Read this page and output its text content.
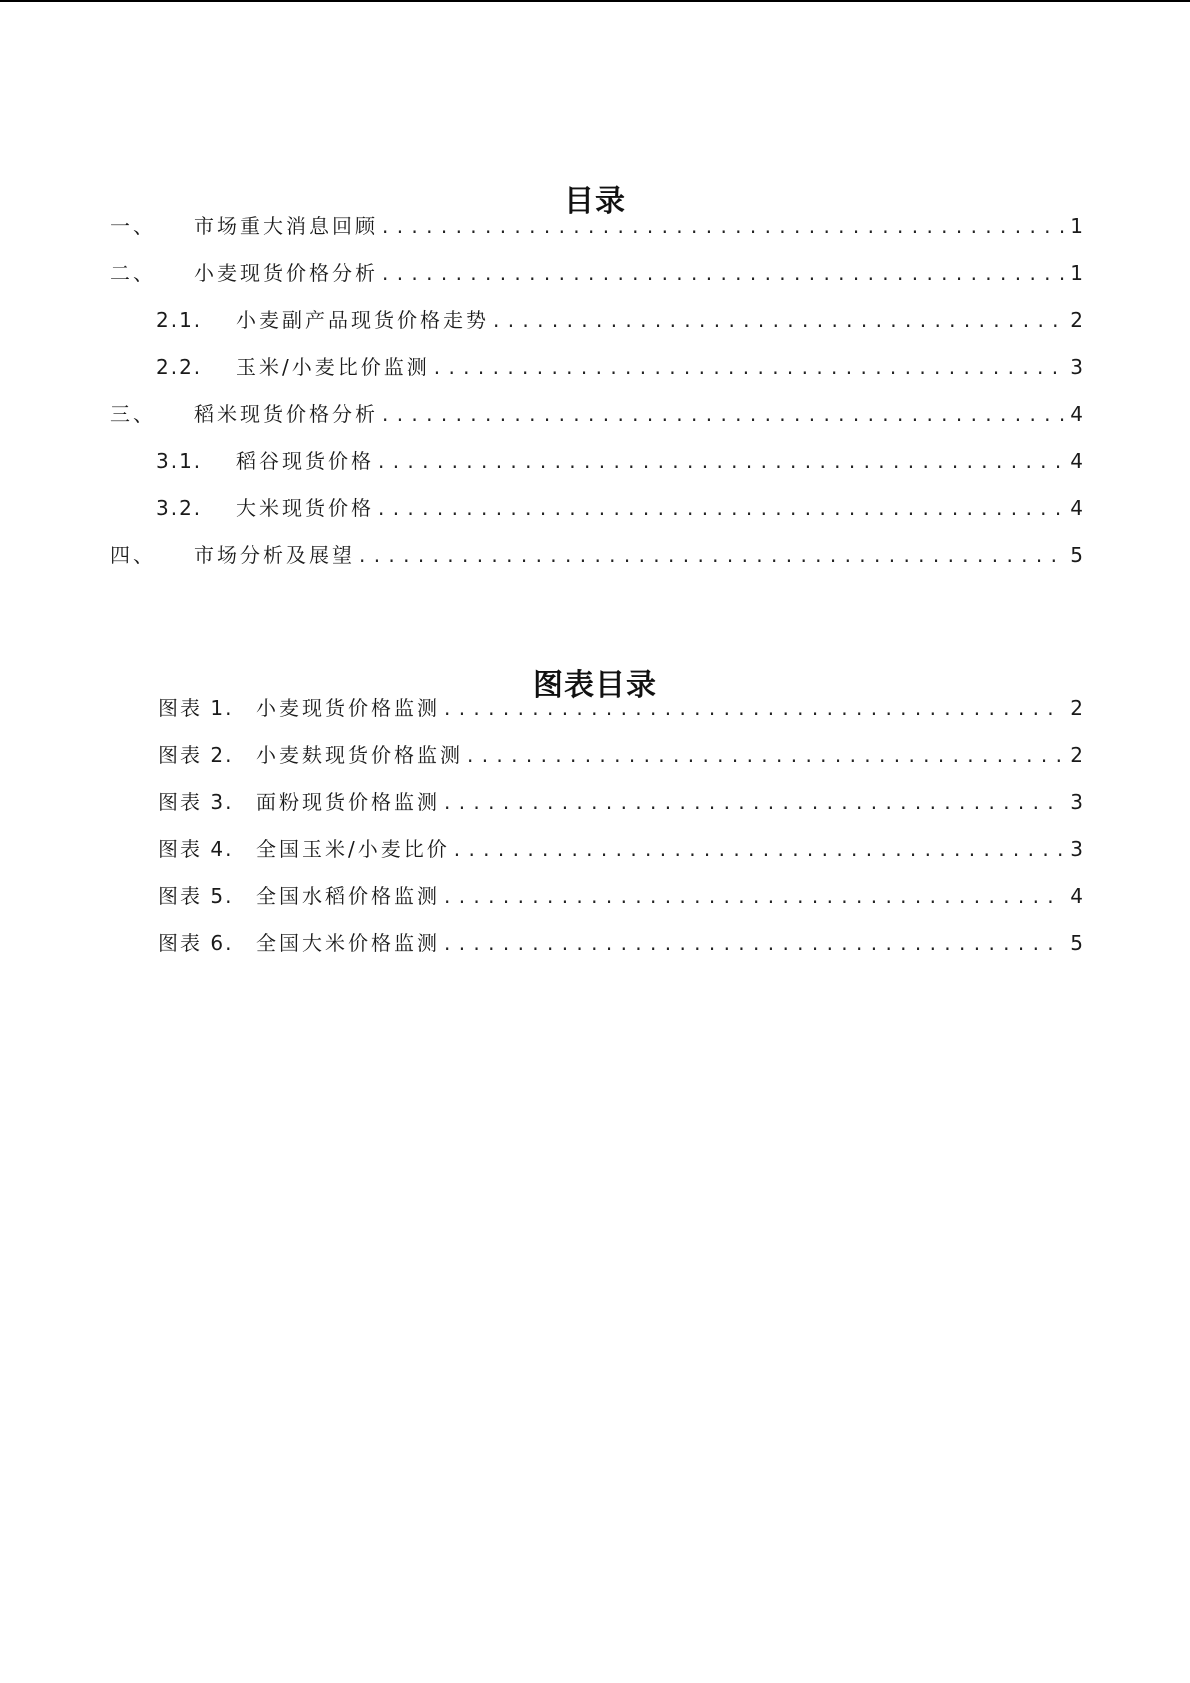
目录
一、	市场重大消息回顾 . . .	1
二、	小麦现货价格分析 . . .	1
2.1.	小麦副产品现货价格走势 . . .	2
2.2.	玉米/小麦比价监测 . . .	3
三、	稻米现货价格分析 . . .	4
3.1.	稻谷现货价格 . . .	4
3.2.	大米现货价格 . . .	4
四、	市场分析及展望 . . .	5
图表目录
图表 1.	小麦现货价格监测 . . .	2
图表 2.	小麦麸现货价格监测 . . .	2
图表 3.	面粉现货价格监测 . . .	3
图表 4.	全国玉米/小麦比价 . . .	3
图表 5.	全国水稻价格监测 . . .	4
图表 6.	全国大米价格监测 . . .	5
